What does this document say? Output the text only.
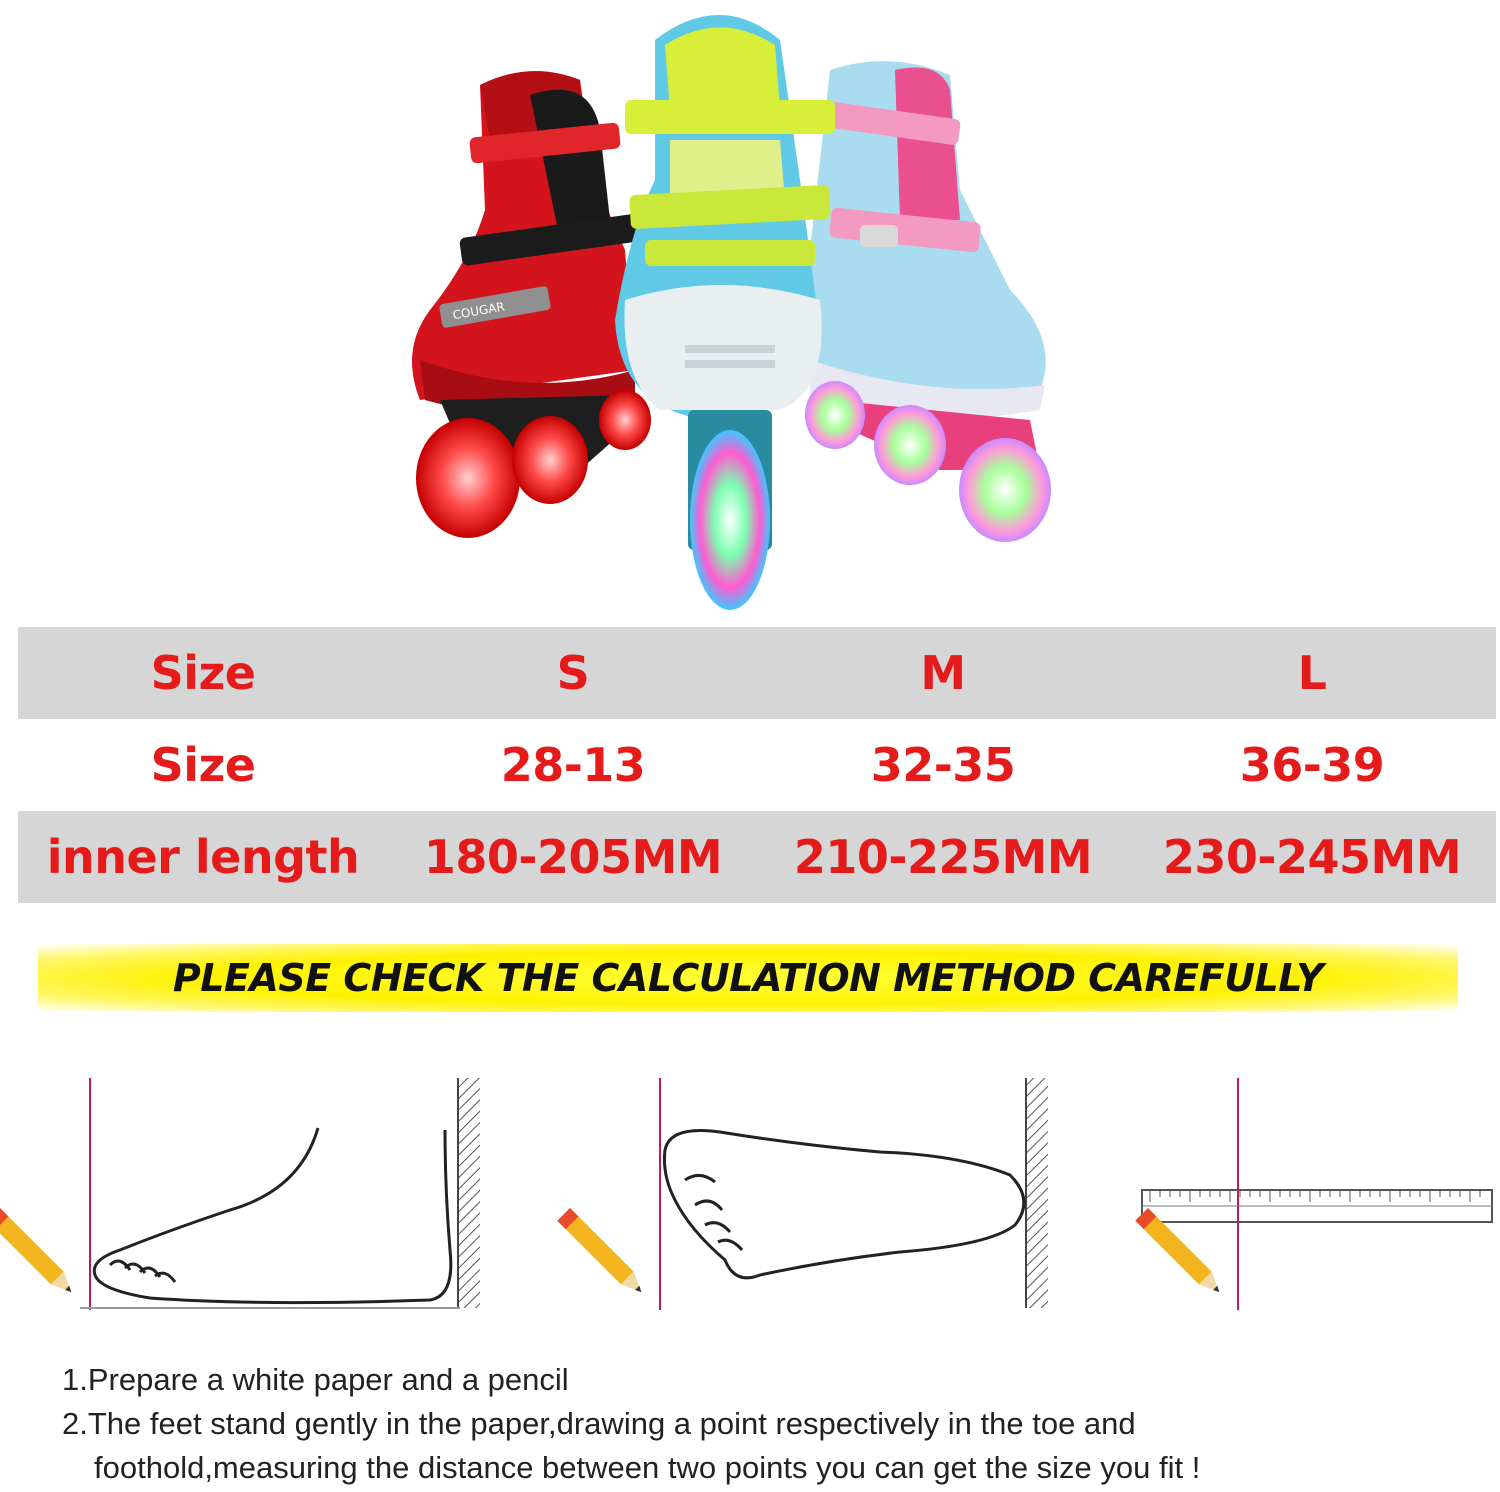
COUGAR
Size	S	M	L
Size	28-13	32-35	36-39
inner length	180-205MM	210-225MM	230-245MM
PLEASE CHECK THE CALCULATION METHOD CAREFULLY

1.Prepare a white paper and a pencil

2.The feet stand gently in the paper,drawing a point respectively in the toe and

foothold,measuring the distance between two points you can get the size you fit !
